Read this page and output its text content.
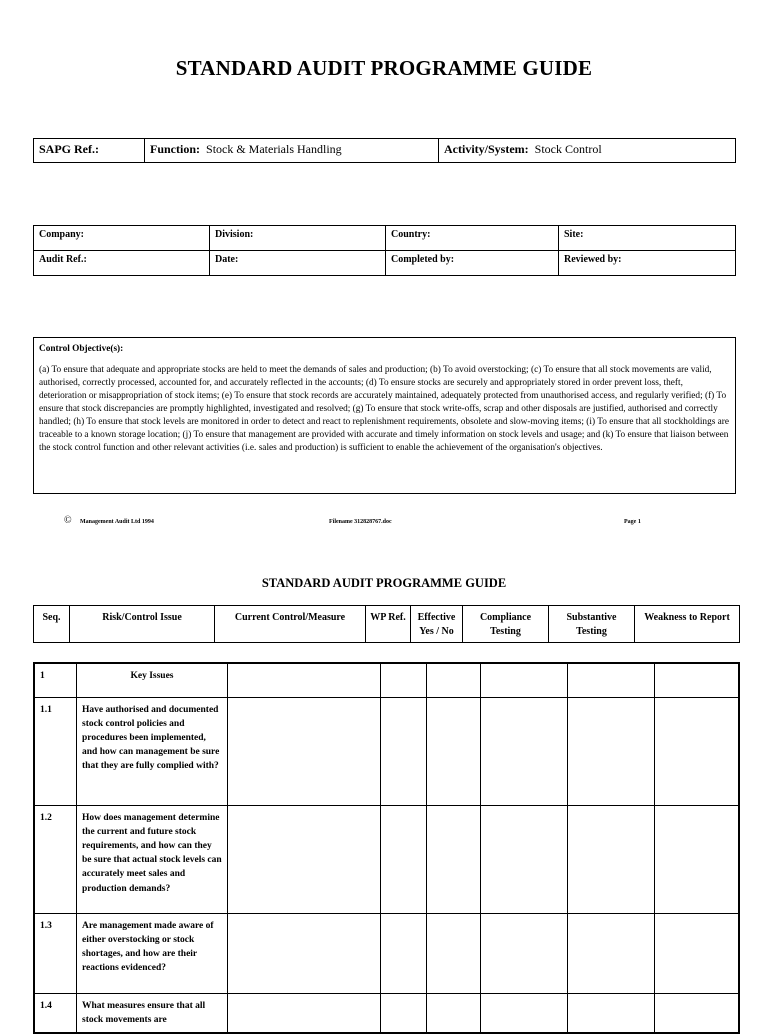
STANDARD AUDIT PROGRAMME GUIDE
SAPG Ref.:	Function: Stock & Materials Handling	Activity/System: Stock Control
Company:	Division:	Country:	Site:
Audit Ref.:	Date:	Completed by:	Reviewed by:
Control Objective(s):
(a) To ensure that adequate and appropriate stocks are held to meet the demands of sales and production; (b) To avoid overstocking; (c) To ensure that all stock movements are valid, authorised, correctly processed, accounted for, and accurately reflected in the accounts; (d) To ensure stocks are securely and appropriately stored in order prevent loss, theft, deterioration or misappropriation of stock items; (e) To ensure that stock records are accurately maintained, adequately protected from unauthorised access, and regularly verified; (f) To ensure that stock discrepancies are promptly highlighted, investigated and resolved; (g) To ensure that stock write-offs, scrap and other disposals are justified, authorised and correctly handled; (h) To ensure that stock levels are monitored in order to detect and react to replenishment requirements, obsolete and slow-moving items; (i) To ensure that all stockholdings are traceable to a known storage location; (j) To ensure that management are provided with accurate and timely information on stock levels and usage; and (k) To ensure that liaison between the stock control function and other relevant activities (i.e. sales and production) is sufficient to enable the achievement of the organisation's objectives.
© Management Audit Ltd 1994	Filename 312828767.doc	Page 1
STANDARD AUDIT PROGRAMME GUIDE
Seq.	Risk/Control Issue	Current Control/Measure	WP Ref.	Effective Yes / No	Compliance Testing	Substantive Testing	Weakness to Report
1	Key Issues						
1.1	Have authorised and documented stock control policies and procedures been implemented, and how can management be sure that they are fully complied with?						
1.2	How does management determine the current and future stock requirements, and how can they be sure that actual stock levels can accurately meet sales and production demands?						
1.3	Are management made aware of either overstocking or stock shortages, and how are their reactions evidenced?						
1.4	What measures ensure that all stock movements are						
